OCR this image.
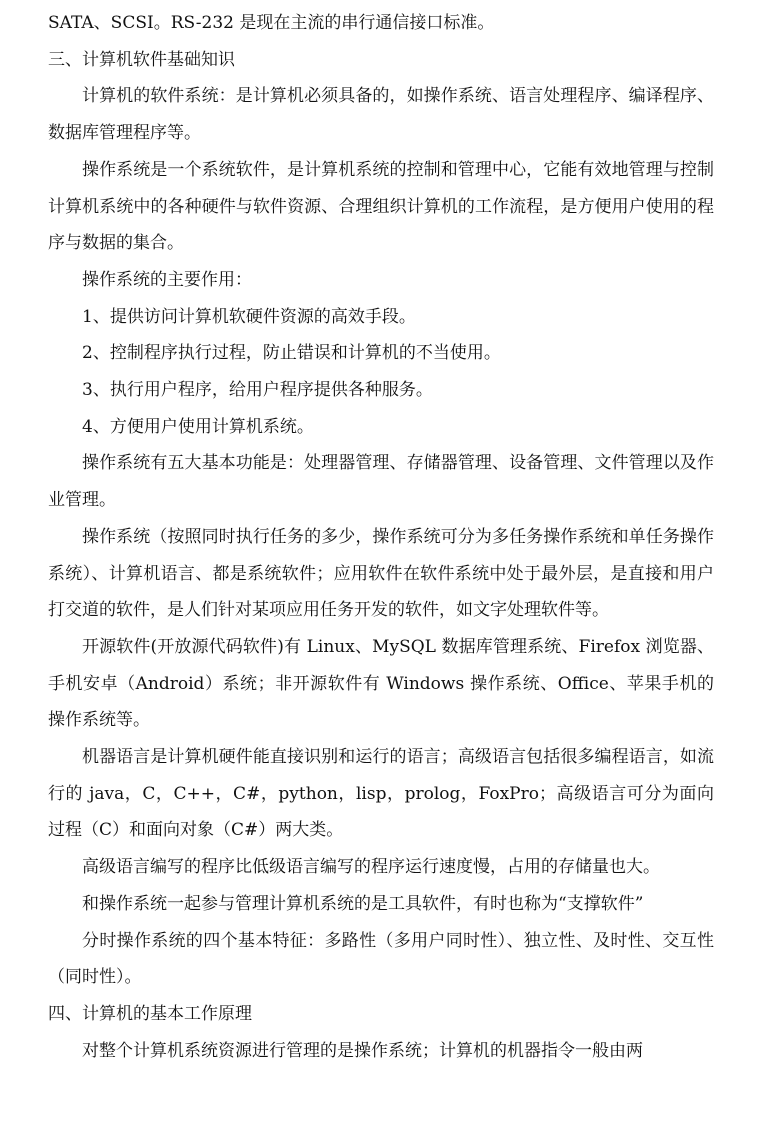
SATA、SCSI。RS-232 是现在主流的串行通信接口标准。

三、计算机软件基础知识

计算机的软件系统：是计算机必须具备的，如操作系统、语言处理程序、编译程序、数据库管理程序等。

操作系统是一个系统软件，是计算机系统的控制和管理中心，它能有效地管理与控制计算机系统中的各种硬件与软件资源、合理组织计算机的工作流程，是方便用户使用的程序与数据的集合。

操作系统的主要作用：

1、提供访问计算机软硬件资源的高效手段。

2、控制程序执行过程，防止错误和计算机的不当使用。

3、执行用户程序，给用户程序提供各种服务。

4、方便用户使用计算机系统。

操作系统有五大基本功能是：处理器管理、存储器管理、设备管理、文件管理以及作业管理。

操作系统（按照同时执行任务的多少，操作系统可分为多任务操作系统和单任务操作系统）、计算机语言、都是系统软件；应用软件在软件系统中处于最外层，是直接和用户打交道的软件，是人们针对某项应用任务开发的软件，如文字处理软件等。

开源软件(开放源代码软件)有 Linux、MySQL 数据库管理系统、Firefox 浏览器、手机安卓（Android）系统；非开源软件有 Windows 操作系统、Office、苹果手机的操作系统等。

机器语言是计算机硬件能直接识别和运行的语言；高级语言包括很多编程语言，如流行的 java，C，C++，C#，python，lisp，prolog，FoxPro；高级语言可分为面向过程（C）和面向对象（C#）两大类。

高级语言编写的程序比低级语言编写的程序运行速度慢，占用的存储量也大。

和操作系统一起参与管理计算机系统的是工具软件，有时也称为“支撑软件”

分时操作系统的四个基本特征：多路性（多用户同时性）、独立性、及时性、交互性（同时性）。

四、计算机的基本工作原理

对整个计算机系统资源进行管理的是操作系统；计算机的机器指令一般由两
